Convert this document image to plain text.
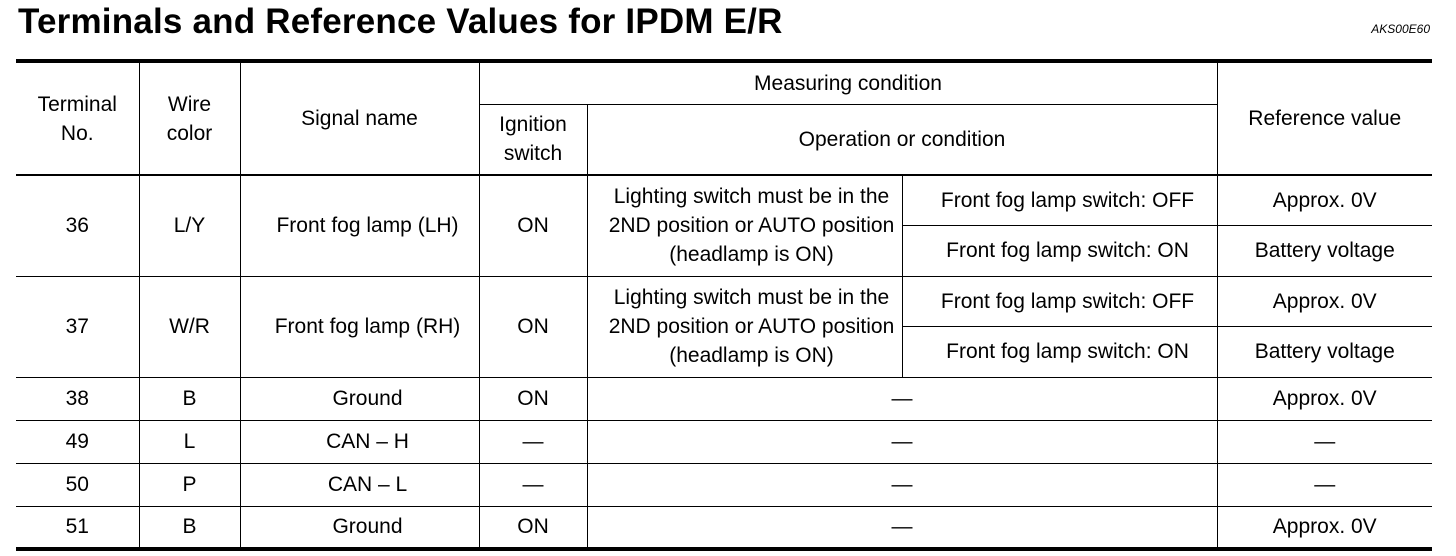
Terminals and Reference Values for IPDM E/R	AKS00E60
Terminal No.	Wire color	Signal name	Measuring condition			Reference value
			Ignition switch	Operation or condition		
36	L/Y	Front fog lamp (LH)	ON	Lighting switch must be in the 2ND position or AUTO position (headlamp is ON)	Front fog lamp switch: OFF	Approx. 0V
					Front fog lamp switch: ON	Battery voltage
37	W/R	Front fog lamp (RH)	ON	Lighting switch must be in the 2ND position or AUTO position (headlamp is ON)	Front fog lamp switch: OFF	Approx. 0V
					Front fog lamp switch: ON	Battery voltage
38	B	Ground	ON	—		Approx. 0V
49	L	CAN – H	—	—		—
50	P	CAN – L	—	—		—
51	B	Ground	ON	—		Approx. 0V
